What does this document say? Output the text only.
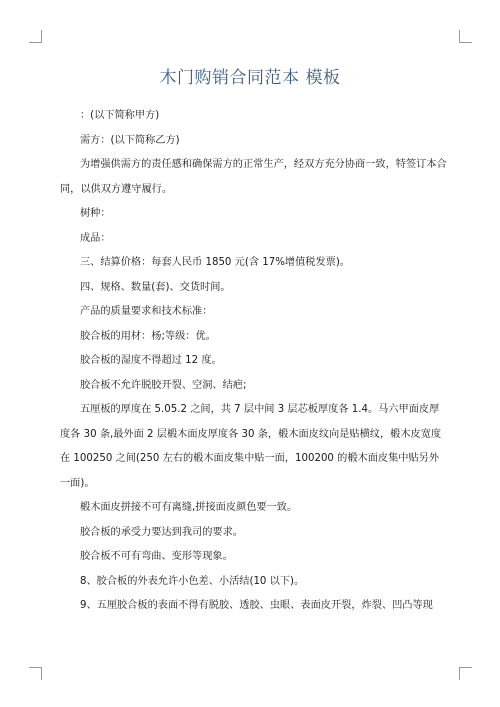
木门购销合同范本 模板

：(以下简称甲方)

需方：(以下简称乙方)

为增强供需方的责任感和确保需方的正常生产，经双方充分协商一致，特签订本合同，以供双方遵守履行。

树种：

成品：

三、结算价格：每套人民币 1850 元(含 17%增值税发票)。

四、规格、数量(套)、交货时间。

产品的质量要求和技术标准：

胶合板的用材：杨;等级：优。

胶合板的湿度不得超过 12 度。

胶合板不允许脱胶开裂、空洞、结疤;

五厘板的厚度在 5.05.2 之间，共 7 层中间 3 层芯板厚度各 1.4。马六甲面皮厚度各 30 条,最外面 2 层椴木面皮厚度各 30 条，椴木面皮纹向是贴横纹，椴木皮宽度在 100250 之间(250 左右的椴木面皮集中贴一面，100200 的椴木面皮集中贴另外一面)。

椴木面皮拼接不可有离缝,拼接面皮颜色要一致。

胶合板的承受力要达到我司的要求。

胶合板不可有弯曲、变形等现象。

8、胶合板的外表允许小色差、小活结(10 以下)。

9、五厘胶合板的表面不得有脱胶、透胶、虫眼、表面皮开裂，炸裂、凹凸等现
